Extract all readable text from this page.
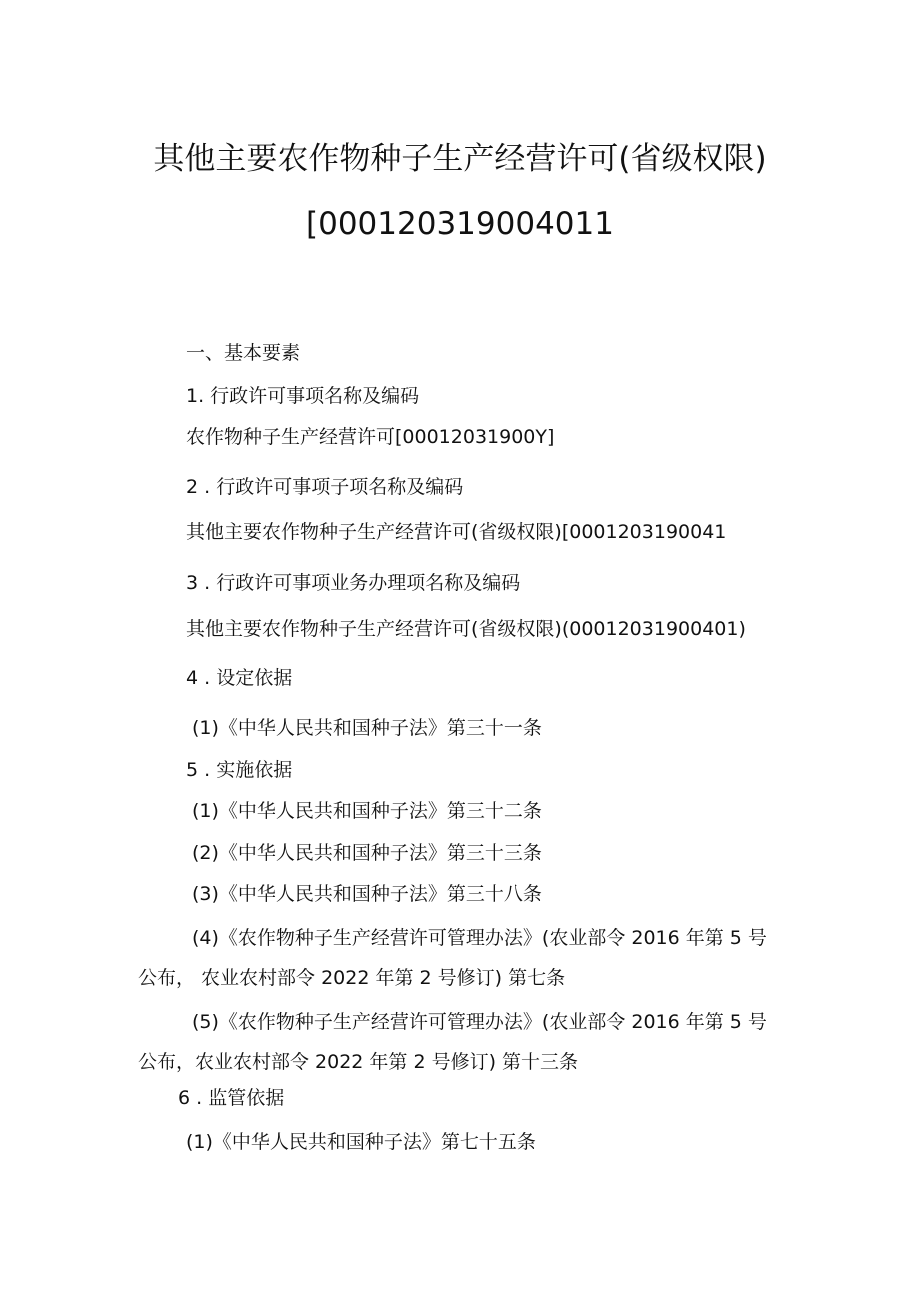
其他主要农作物种子生产经营许可(省级权限)
[000120319004011
一、基本要素
1. 行政许可事项名称及编码
农作物种子生产经营许可[00012031900Y]
2 . 行政许可事项子项名称及编码
其他主要农作物种子生产经营许可(省级权限)[0001203190041
3 . 行政许可事项业务办理项名称及编码
其他主要农作物种子生产经营许可(省级权限)(00012031900401)
4 . 设定依据
(1)《中华人民共和国种子法》第三十一条
5 . 实施依据
(1)《中华人民共和国种子法》第三十二条
(2)《中华人民共和国种子法》第三十三条
(3)《中华人民共和国种子法》第三十八条
(4)《农作物种子生产经营许可管理办法》(农业部令 2016 年第 5 号
公布， 农业农村部令 2022 年第 2 号修订) 第七条
(5)《农作物种子生产经营许可管理办法》(农业部令 2016 年第 5 号
公布，农业农村部令 2022 年第 2 号修订) 第十三条
6 . 监管依据
(1)《中华人民共和国种子法》第七十五条
